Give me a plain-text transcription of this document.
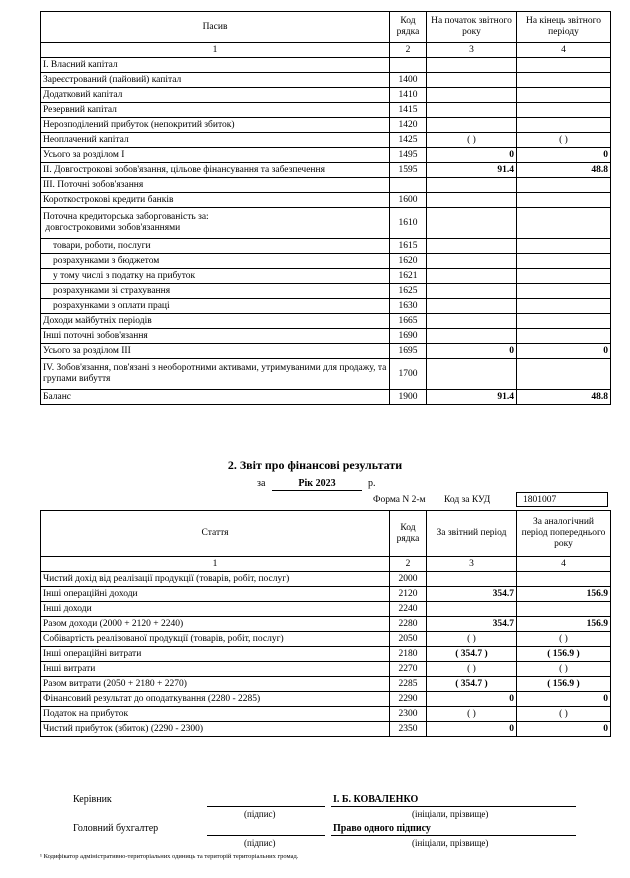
Пасив	Код рядка	На початок звітного року	На кінець звітного періоду
1	2	3	4
I. Власний капітал			
Зареєстрований (пайовий) капітал	1400		
Додатковий капітал	1410		
Резервний капітал	1415		
Нерозподілений прибуток (непокритий збиток)	1420		
Неоплачений капітал	1425	( )	( )
Усього за розділом I	1495	0	0
II. Довгострокові зобов'язання, цільове фінансування та забезпечення	1595	91.4	48.8
III. Поточні зобов'язання			
Короткострокові кредити банків	1600		
Поточна кредиторська заборгованість за:
довгостроковими зобов'язаннями	1610		
товари, роботи, послуги	1615		
розрахунками з бюджетом	1620		
у тому числі з податку на прибуток	1621		
розрахунками зі страхування	1625		
розрахунками з оплати праці	1630		
Доходи майбутніх періодів	1665		
Інші поточні зобов'язання	1690		
Усього за розділом IІІ	1695	0	0
IV. Зобов'язання, пов'язані з необоротними активами, утримуваними для продажу, та групами вибуття	1700		
Баланс	1900	91.4	48.8
2. Звіт про фінансові результати
за	Рік 2023	р.
Форма N 2-м Код за КУД	1801007
Стаття	Код рядка	За звітний період	За аналогічний період попереднього року
1	2	3	4
Чистий дохід від реалізації продукції (товарів, робіт, послуг)	2000		
Інші операційні доходи	2120	354.7	156.9
Інші доходи	2240		
Разом доходи (2000 + 2120 + 2240)	2280	354.7	156.9
Собівартість реалізованої продукції (товарів, робіт, послуг)	2050	( )	( )
Інші операційні витрати	2180	( 354.7 )	( 156.9 )
Інші витрати	2270	( )	( )
Разом витрати (2050 + 2180 + 2270)	2285	( 354.7 )	( 156.9 )
Фінансовий результат до оподаткування (2280 - 2285)	2290	0	0
Податок на прибуток	2300	( )	( )
Чистий прибуток (збиток) (2290 - 2300)	2350	0	0
Керівник	І. Б. КОВАЛЕНКО
(підпис)	(ініціали, прізвище)
Головний бухгалтер	Право одного підпису
(підпис)	(ініціали, прізвище)
¹ Кодифікатор адміністративно-територіальних одиниць та територій територіальних громад.
